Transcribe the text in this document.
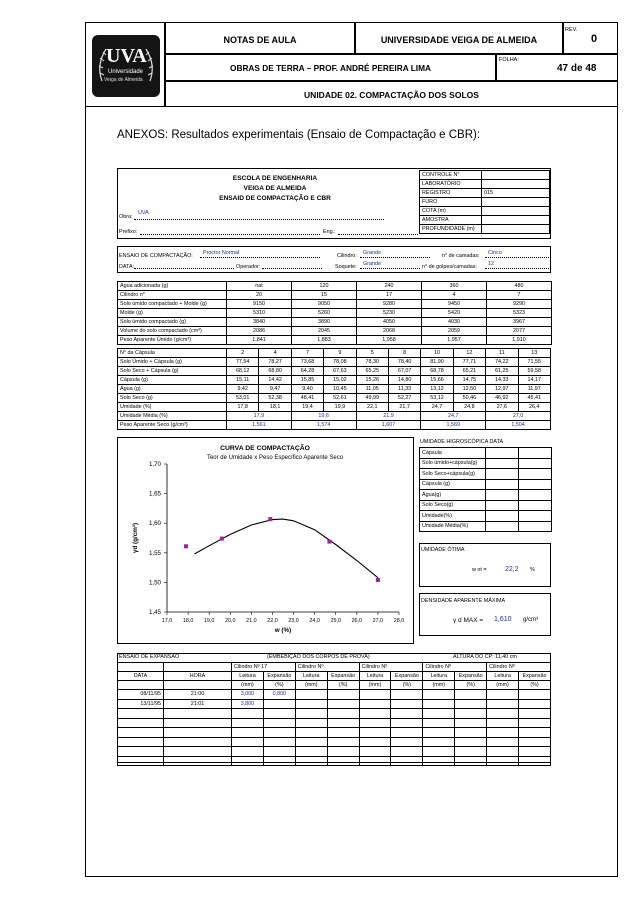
UVA
Universidade
Veiga de Almeida
NOTAS DE AULA	UNIVERSIDADE VEIGA DE ALMEIDA
REV.
0
OBRAS DE TERRA – PROF. ANDRÉ PEREIRA LIMA
FOLHA:
47 de 48
UNIDADE 02. COMPACTAÇÃO DOS SOLOS
ANEXOS: Resultados experimentais (Ensaio de Compactação e CBR):
ESCOLA DE ENGENHARIA
VEIGA DE ALMEIDA
ENSAID DE COMPACTAÇÃO E CBR
Obra:
UVA
Prefixo:	Eng.:
CONTROLE N°	
LABORATÓRIO	
REGISTRO	015
FURO	
COTA (m)	
AMOSTRA	
PROFUNDIDADE (m)	
ENSAIO DE COMPACTAÇÃO: Proctor Normal	Cilindro: Grande	n° de camadas: Cinco
DATA:	Operador:	Soquete: Grande	n° de golpes/camadas: 12
Água adicionada (g)	nat	120	240	360	480
Cilindro n°	20	15	17	4	7
Solo úmido compactado + Molde (g)	9150	9050	9280	9450	9290
Molde (g)	5310	5260	5230	5420	5323
Solo úmido compactado (g)	3840	3890	4050	4030	3967
Volume do solo compactado (cm³)	2086	2045	2068	2059	2077
Peso Aparente Úmido (g/cm³)	1,841	1,883	1,958	1,957	1,910
N° da Cápsula	2	4	7	9	5	8	10	12	11	13
Solo Úmido + Cápsula (g)	77,54	78,27	73,68	78,08	78,30	78,40	81,90	77,71	74,22	71,55
Solo Seco + Cápsula (g)	68,12	68,80	64,28	67,63	65,25	67,07	68,78	65,21	61,25	59,58
Cápsula (g)	15,11	14,42	15,85	15,02	15,26	14,80	15,66	14,75	14,33	14,17
Água (g)	9,42	9,47	9,40	10,45	11,05	11,33	13,12	12,50	12,97	11,97
Solo Seco (g)	53,01	52,38	48,41	52,61	49,99	52,27	53,12	50,46	46,92	45,41
Umidade (%)	17,8	18,1	19,4	19,9	22,1	21,7	24,7	24,8	27,6	26,4
Umidade Média (%)	17,9		19,6		21,9		24,7		27,0	
Peso Aparente Seco (g/cm³)	1,561		1,574		1,607		1,569		1,504	
CURVA DE COMPACTAÇÃO
Teor de Umidade x Peso Específico Aparente Seco
1,45
1,50
1,55
1,60
1,65
1,70
17,0 18,0 19,0 20,0 21,0 22,0 23,0 24,0 25,0 26,0 27,0 28,0
w (%)
γd (g/cm³)
UMIDADE HIGROSCÓPICA DATA
Cápsula		
Solo úmido+cápsula(g)		
Solo Seco+cápsula(g)		
Cápsula (g)		
Água(g)		
Solo Seco(g)		
Umidade(%)		
Umidade Média(%)		
UMIDADE ÓTIMA
w ot =	22,2 %
DENSIDADE APARENTE MÁXIMA
γ d MAX = 1,610 g/cm³
ENSAIO DE EXPANSÃO	(EMBEBIÇÃO DOS CORPOS DE PROVA)	ALTURA DO CP: 11,40 cm
		Cilindro Nº 17		Cilindro Nº		Cilindro Nº		Cilindro Nº		Cilindro Nº	
DATA	HORA	Leitura	Expansão	Leitura	Expansão	Leitura	Expansão	Leitura	Expansão	Leitura	Expansão
		(mm)	(%)	(mm)	(%)	(mm)	(%)	(mm)	(%)	(mm)	(%)
08/11/95	21:00	3,000	0,800								
13/11/95	21:01	3,800									
